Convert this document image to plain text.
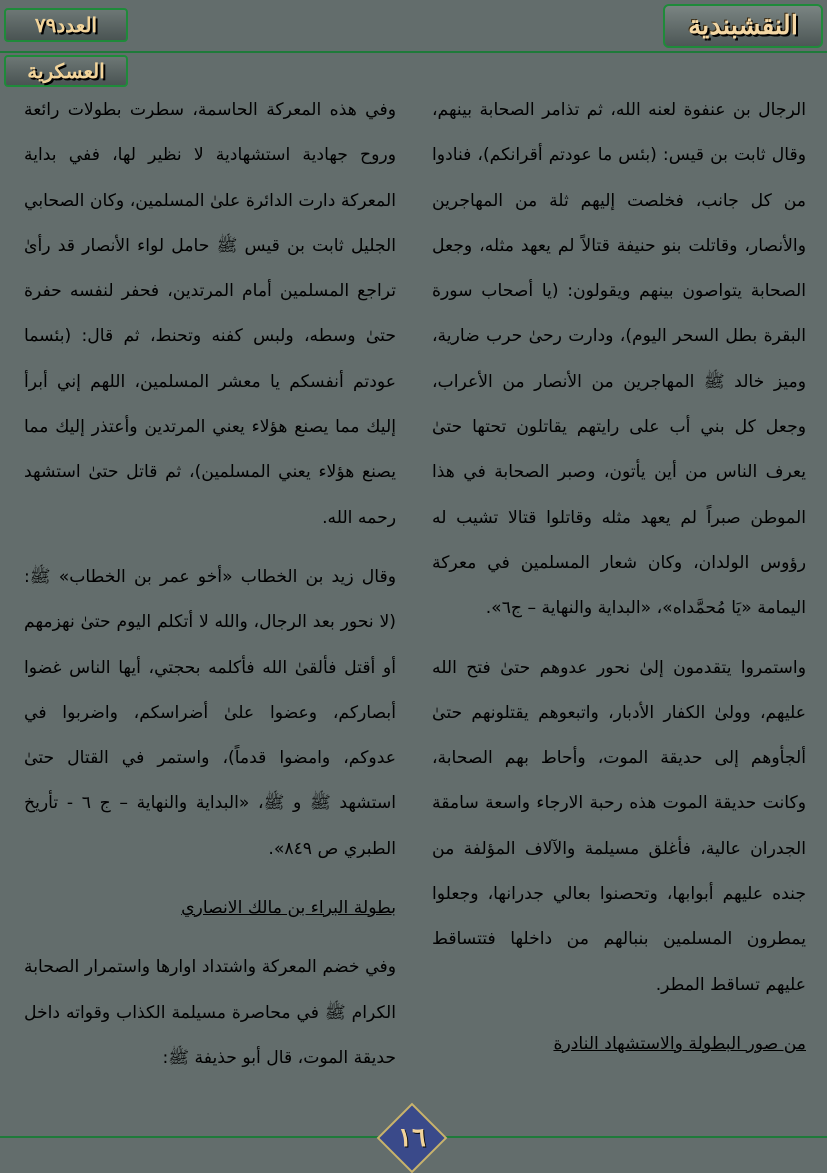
النقشبندية
العدد٧٩
العسكرية

الرجال بن عنفوة لعنه الله، ثم تذامر الصحابة بينهم، وقال ثابت بن قيس: (بئس ما عودتم أقرانكم)، فنادوا من كل جانب، فخلصت إليهم ثلة من المهاجرين والأنصار، وقاتلت بنو حنيفة قتالاً لم يعهد مثله، وجعل الصحابة يتواصون بينهم ويقولون: (يا أصحاب سورة البقرة بطل السحر اليوم)، ودارت رحىٰ حرب ضارية، وميز خالد ﷺ المهاجرين من الأنصار من الأعراب، وجعل كل بني أب على رايتهم يقاتلون تحتها حتىٰ يعرف الناس من أين يأتون، وصبر الصحابة في هذا الموطن صبراً لم يعهد مثله وقاتلوا قتالا تشيب له رؤوس الولدان، وكان شعار المسلمين في معركة اليمامة «يَا مُحمَّداه»، «البداية والنهاية – ج٦».

واستمروا يتقدمون إلىٰ نحور عدوهم حتىٰ فتح الله عليهم، وولىٰ الكفار الأدبار، واتبعوهم يقتلونهم حتىٰ ألجأوهم إلى حديقة الموت، وأحاط بهم الصحابة، وكانت حديقة الموت هذه رحبة الارجاء واسعة سامقة الجدران عالية، فأغلق مسيلمة والآلاف المؤلفة من جنده عليهم أبوابها، وتحصنوا بعالي جدرانها، وجعلوا يمطرون المسلمين بنبالهم من داخلها فتتساقط عليهم تساقط المطر.

من صور البطولة والاستشهاد النادرة

وفي هذه المعركة الحاسمة، سطرت بطولات رائعة وروح جهادية استشهادية لا نظير لها، ففي بداية المعركة دارت الدائرة علىٰ المسلمين، وكان الصحابي الجليل ثابت بن قيس ﷺ حامل لواء الأنصار قد رأىٰ تراجع المسلمين أمام المرتدين، فحفر لنفسه حفرة حتىٰ وسطه، ولبس كفنه وتحنط، ثم قال: (بئسما عودتم أنفسكم يا معشر المسلمين، اللهم إني أبرأ إليك مما يصنع هؤلاء يعني المرتدين وأعتذر إليك مما يصنع هؤلاء يعني المسلمين)، ثم قاتل حتىٰ استشهد رحمه الله.

وقال زيد بن الخطاب «أخو عمر بن الخطاب» ﷺ: (لا نحور بعد الرجال، والله لا أتكلم اليوم حتىٰ نهزمهم أو أقتل فألقىٰ الله فأكلمه بحجتي، أيها الناس غضوا أبصاركم، وعضوا علىٰ أضراسكم، واضربوا في عدوكم، وامضوا قدماً)، واستمر في القتال حتىٰ استشهد ﷺ و ﷺ، «البداية والنهاية – ج ٦ - تأريخ الطبري ص ٨٤٩».

بطولة البراء بن مالك الانصاري

وفي خضم المعركة واشتداد اوارها واستمرار الصحابة الكرام ﷺ في محاصرة مسيلمة الكذاب وقواته داخل حديقة الموت، قال أبو حذيفة ﷺ:

١٦
